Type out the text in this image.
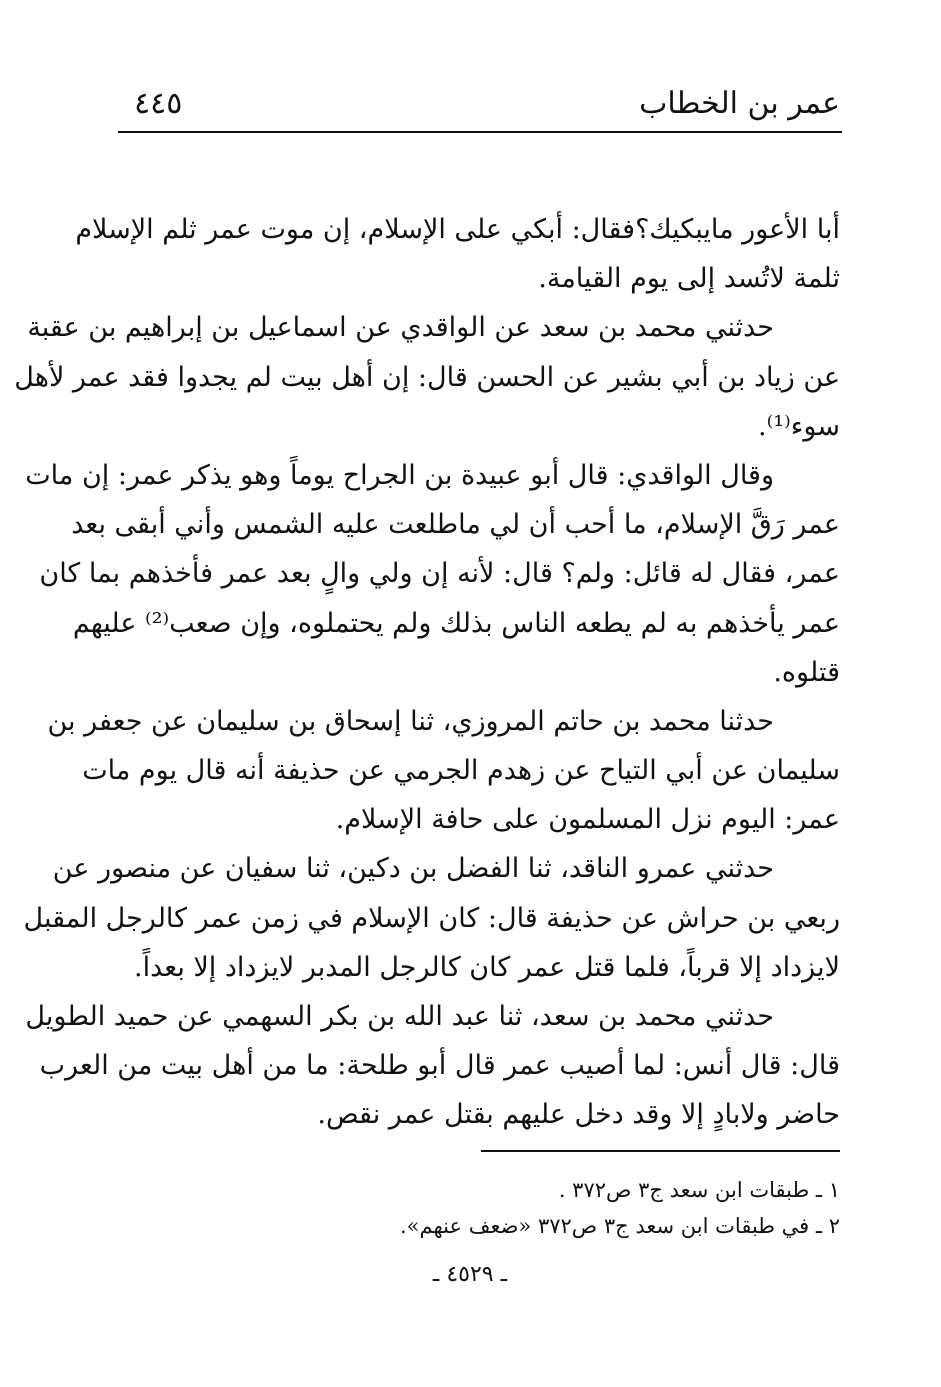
عمر بن الخطاب
٤٤٥
أبا الأعور مايبكيك؟فقال: أبكي على الإسلام، إن موت عمر ثلم الإسلام
ثلمة لاتُسد إلى يوم القيامة.
حدثني محمد بن سعد عن الواقدي عن اسماعيل بن إبراهيم بن عقبة
عن زياد بن أبي بشير عن الحسن قال: إن أهل بيت لم يجدوا فقد عمر لأهل
سوء⁽¹⁾.
وقال الواقدي: قال أبو عبيدة بن الجراح يوماً وهو يذكر عمر: إن مات
عمر رَقَّ الإسلام، ما أحب أن لي ماطلعت عليه الشمس وأني أبقى بعد
عمر، فقال له قائل: ولم؟ قال: لأنه إن ولي والٍ بعد عمر فأخذهم بما كان
عمر يأخذهم به لم يطعه الناس بذلك ولم يحتملوه، وإن صعب⁽²⁾ عليهم
قتلوه.
حدثنا محمد بن حاتم المروزي، ثنا إسحاق بن سليمان عن جعفر بن
سليمان عن أبي التياح عن زهدم الجرمي عن حذيفة أنه قال يوم مات
عمر: اليوم نزل المسلمون على حافة الإسلام.
حدثني عمرو الناقد، ثنا الفضل بن دكين، ثنا سفيان عن منصور عن
ربعي بن حراش عن حذيفة قال: كان الإسلام في زمن عمر كالرجل المقبل
لايزداد إلا قرباً، فلما قتل عمر كان كالرجل المدبر لايزداد إلا بعداً.
حدثني محمد بن سعد، ثنا عبد الله بن بكر السهمي عن حميد الطويل
قال: قال أنس: لما أصيب عمر قال أبو طلحة: ما من أهل بيت من العرب
حاضر ولابادٍ إلا وقد دخل عليهم بقتل عمر نقص.
١ ـ طبقات ابن سعد ج٣ ص٣٧٢ .
٢ ـ في طبقات ابن سعد ج٣ ص٣٧٢ «ضعف عنهم».
ـ ٤٥٢٩ ـ
